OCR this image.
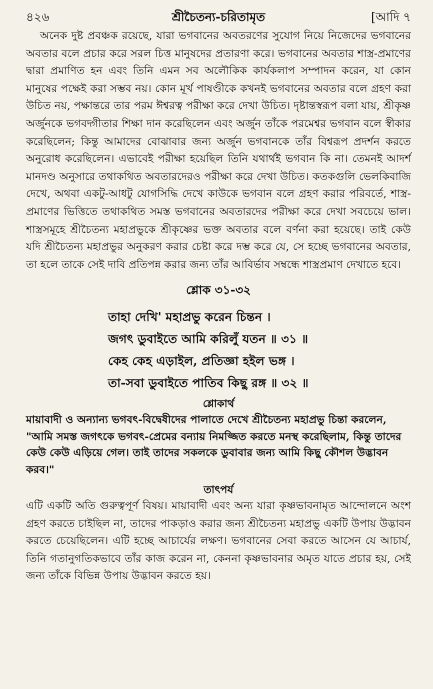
৪২৬	শ্রীচৈতন্য-চরিতামৃত	[আদি ৭

অনেক দুষ্ট প্রবঞ্চক রয়েছে, যারা ভগবানের অবতরণের সুযোগ নিয়ে নিজেদের ভগবানের অবতার বলে প্রচার করে সরল চিত্ত মানুষদের প্রতারণা করে। ভগবানের অবতার শাস্ত্র-প্রমাণের দ্বারা প্রমাণিত হন এবং তিনি এমন সব অলৌকিক কার্যকলাপ সম্পাদন করেন, যা কোন মানুষের পক্ষেই করা সম্ভব নয়। কোন মূর্খ পাষণ্ডীকে কখনই ভগবানের অবতার বলে গ্রহণ করা উচিত নয়, পক্ষান্তরে তার পরম ঈশ্বরত্ব পরীক্ষা করে দেখা উচিত। দৃষ্টান্তস্বরূপ বলা যায়, শ্রীকৃষ্ণ অর্জুনকে ভগবদ্গীতার শিক্ষা দান করেছিলেন এবং অর্জুন তাঁকে পরমেশ্বর ভগবান বলে স্বীকার করেছিলেন; কিন্তু আমাদের বোঝাবার জন্য অর্জুন ভগবানকে তাঁর বিশ্বরূপ প্রদর্শন করতে অনুরোধ করেছিলেন। এভাবেই পরীক্ষা হয়েছিল তিনি যথার্থই ভগবান কি না। তেমনই আদর্শ মানদণ্ড অনুসারে তথাকথিত অবতারদেরও পরীক্ষা করে দেখা উচিত। কতকগুলি ভেলকিবাজি দেখে, অথবা একটু-আধটু যোগসিদ্ধি দেখে কাউকে ভগবান বলে গ্রহণ করার পরিবর্তে, শাস্ত্র-প্রমাণের ভিত্তিতে তথাকথিত সমস্ত ভগবানের অবতারদের পরীক্ষা করে দেখা সবচেয়ে ভাল। শাস্ত্রসমূহে শ্রীচৈতন্য মহাপ্রভুকে শ্রীকৃষ্ণের ভক্ত অবতার বলে বর্ণনা করা হয়েছে। তাই কেউ যদি শ্রীচৈতন্য মহাপ্রভুর অনুকরণ করার চেষ্টা করে দম্ভ করে যে, সে হচ্ছে ভগবানের অবতার, তা হলে তাকে সেই দাবি প্রতিপন্ন করার জন্য তাঁর আবির্ভাব সম্বন্ধে শাস্ত্রপ্রমাণ দেখাতে হবে।

শ্লোক ৩১-৩২
তাহা দেখি' মহাপ্রভু করেন চিন্তন ।
জগৎ ডুবাইতে আমি করিলুঁ যতন ॥ ৩১ ॥
কেহ কেহ এড়াইল, প্রতিজ্ঞা হইল ভঙ্গ ।
তা-সবা ডুবাইতে পাতিব কিছু রঙ্গ ॥ ৩২ ॥
শ্লোকার্থ

মায়াবাদী ও অন্যান্য ভগবৎ-বিদ্বেষীদের পালাতে দেখে শ্রীচৈতন্য মহাপ্রভু চিন্তা করলেন, "আমি সমস্ত জগৎকে ভগবৎ-প্রেমের বন্যায় নিমজ্জিত করতে মনস্থ করেছিলাম, কিন্তু তাদের কেউ কেউ এড়িয়ে গেল। তাই তাদের সকলকে ডুবাবার জন্য আমি কিছু কৌশল উদ্ভাবন করব।"

তাৎপর্য

এটি একটি অতি গুরুত্বপূর্ণ বিষয়। মায়াবাদী এবং অন্য যারা কৃষ্ণভাবনামৃত আন্দোলনে অংশ গ্রহণ করতে চাইছিল না, তাদের পাকড়াও করার জন্য শ্রীচৈতন্য মহাপ্রভু একটি উপায় উদ্ভাবন করতে চেয়েছিলেন। এটি হচ্ছে আচার্যের লক্ষণ। ভগবানের সেবা করতে আসেন যে আচার্য, তিনি গতানুগতিকভাবে তাঁর কাজ করেন না, কেননা কৃষ্ণভাবনার অমৃত যাতে প্রচার হয়, সেই জন্য তাঁকে বিভিন্ন উপায় উদ্ভাবন করতে হয়।
